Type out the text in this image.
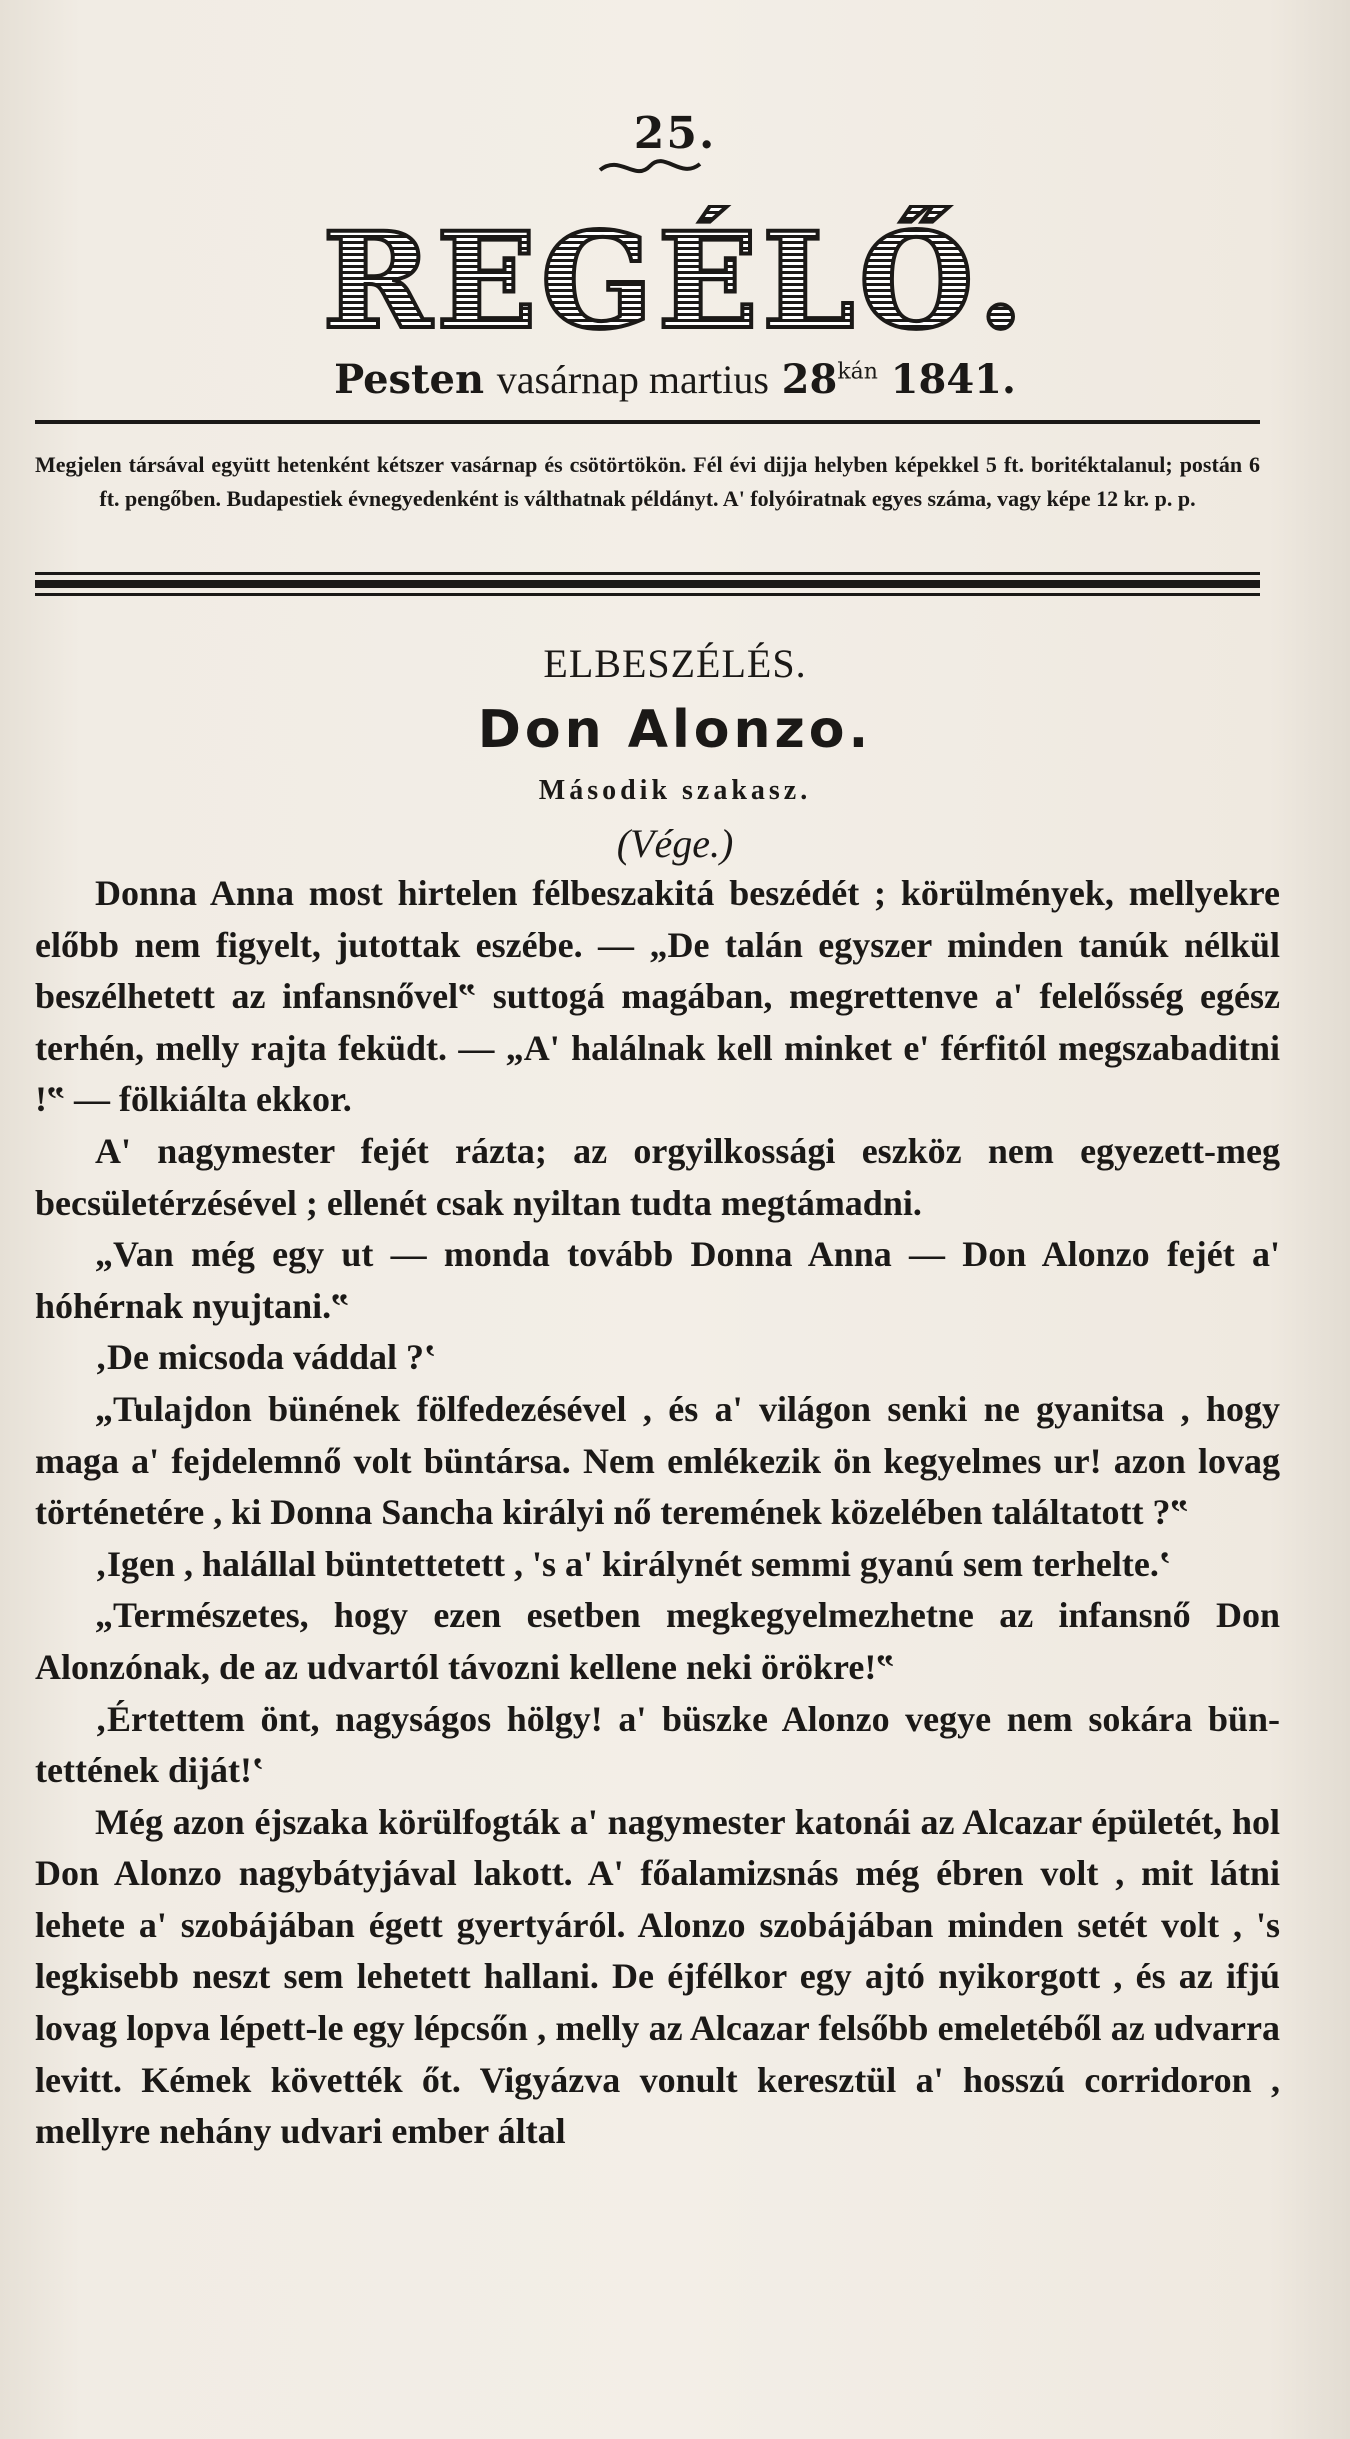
25.
REGÉLŐ.
Pesten vasárnap martius $28^{kán}$ 1841.
Megjelen társával együtt hetenként kétszer vasárnap és csötörtökön. Fél évi dijja helyben képekkel 5 ft. boritéktalanul; postán 6 ft. pengőben. Budapestiek évnegyedenként is válthatnak példányt. A' folyóiratnak egyes száma, vagy képe 12 kr. p. p.
ELBESZÉLÉS.
Don Alonzo.
Második szakasz.
(Vége.)

Donna Anna most hirtelen félbeszakitá beszédét ; körülmények, mellyekre előbb nem figyelt, jutottak eszébe. — „De talán egyszer minden tanúk nélkül beszélhetett az infansnővel‟ suttogá magában, megrettenve a' felelősség egész terhén, melly rajta feküdt. — „A' halálnak kell minket e' férfitól megszabaditni !‟ — fölkiálta ekkor.

A' nagymester fejét rázta; az orgyilkossági eszköz nem egyezett-meg becsületérzésével ; ellenét csak nyiltan tudta megtámadni.

„Van még egy ut — monda tovább Donna Anna — Don Alonzo fejét a' hóhérnak nyujtani.‟

‚De micsoda váddal ?‛

„Tulajdon bünének fölfedezésével , és a' világon senki ne gyanitsa , hogy maga a' fejdelemnő volt büntársa. Nem emlékezik ön kegyelmes ur! azon lovag történetére , ki Donna Sancha királyi nő teremének közelében találtatott ?‟

‚Igen , halállal büntettetett , 's a' királynét semmi gyanú sem terhelte.‛

„Természetes, hogy ezen esetben megkegyelmezhetne az infansnő Don Alonzónak, de az udvartól távozni kellene neki örökre!‟

‚Értettem önt, nagyságos hölgy! a' büszke Alonzo vegye nem sokára bün-tettének diját!‛

Még azon éjszaka körülfogták a' nagymester katonái az Alcazar épületét, hol Don Alonzo nagybátyjával lakott. A' főalamizsnás még ébren volt , mit látni lehete a' szobájában égett gyertyáról. Alonzo szobájában minden setét volt , 's legkisebb neszt sem lehetett hallani. De éjfélkor egy ajtó nyikorgott , és az ifjú lovag lopva lépett-le egy lépcsőn , melly az Alcazar felsőbb emeletéből az udvarra levitt. Kémek követték őt. Vigyázva vonult keresztül a' hosszú corridoron , mellyre nehány udvari ember által
